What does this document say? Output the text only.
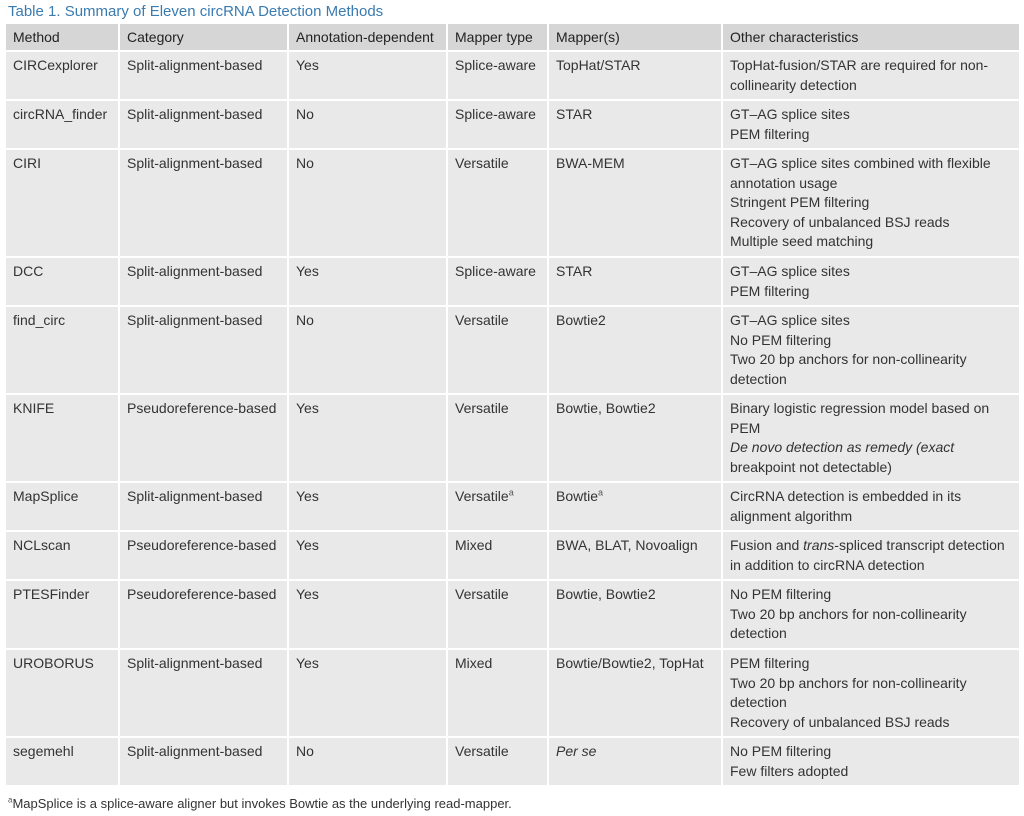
Table 1. Summary of Eleven circRNA Detection Methods
Method	Category	Annotation-dependent	Mapper type	Mapper(s)	Other characteristics
CIRCexplorer	Split-alignment-based	Yes	Splice-aware	TopHat/STAR	TopHat-fusion/STAR are required for non-
collinearity detection
circRNA_finder	Split-alignment-based	No	Splice-aware	STAR	GT–AG splice sites
PEM filtering
CIRI	Split-alignment-based	No	Versatile	BWA-MEM	GT–AG splice sites combined with flexible
annotation usage
Stringent PEM filtering
Recovery of unbalanced BSJ reads
Multiple seed matching
DCC	Split-alignment-based	Yes	Splice-aware	STAR	GT–AG splice sites
PEM filtering
find_circ	Split-alignment-based	No	Versatile	Bowtie2	GT–AG splice sites
No PEM filtering
Two 20 bp anchors for non-collinearity
detection
KNIFE	Pseudoreference-based	Yes	Versatile	Bowtie, Bowtie2	Binary logistic regression model based on
PEM
De novo detection as remedy (exact
breakpoint not detectable)
MapSplice	Split-alignment-based	Yes	Versatile$^a$	Bowtie$^a$	CircRNA detection is embedded in its
alignment algorithm
NCLscan	Pseudoreference-based	Yes	Mixed	BWA, BLAT, Novoalign	Fusion and trans-spliced transcript detection
in addition to circRNA detection
PTESFinder	Pseudoreference-based	Yes	Versatile	Bowtie, Bowtie2	No PEM filtering
Two 20 bp anchors for non-collinearity
detection
UROBORUS	Split-alignment-based	Yes	Mixed	Bowtie/Bowtie2, TopHat	PEM filtering
Two 20 bp anchors for non-collinearity
detection
Recovery of unbalanced BSJ reads
segemehl	Split-alignment-based	No	Versatile	Per se	No PEM filtering
Few filters adopted
$^a$MapSplice is a splice-aware aligner but invokes Bowtie as the underlying read-mapper.
